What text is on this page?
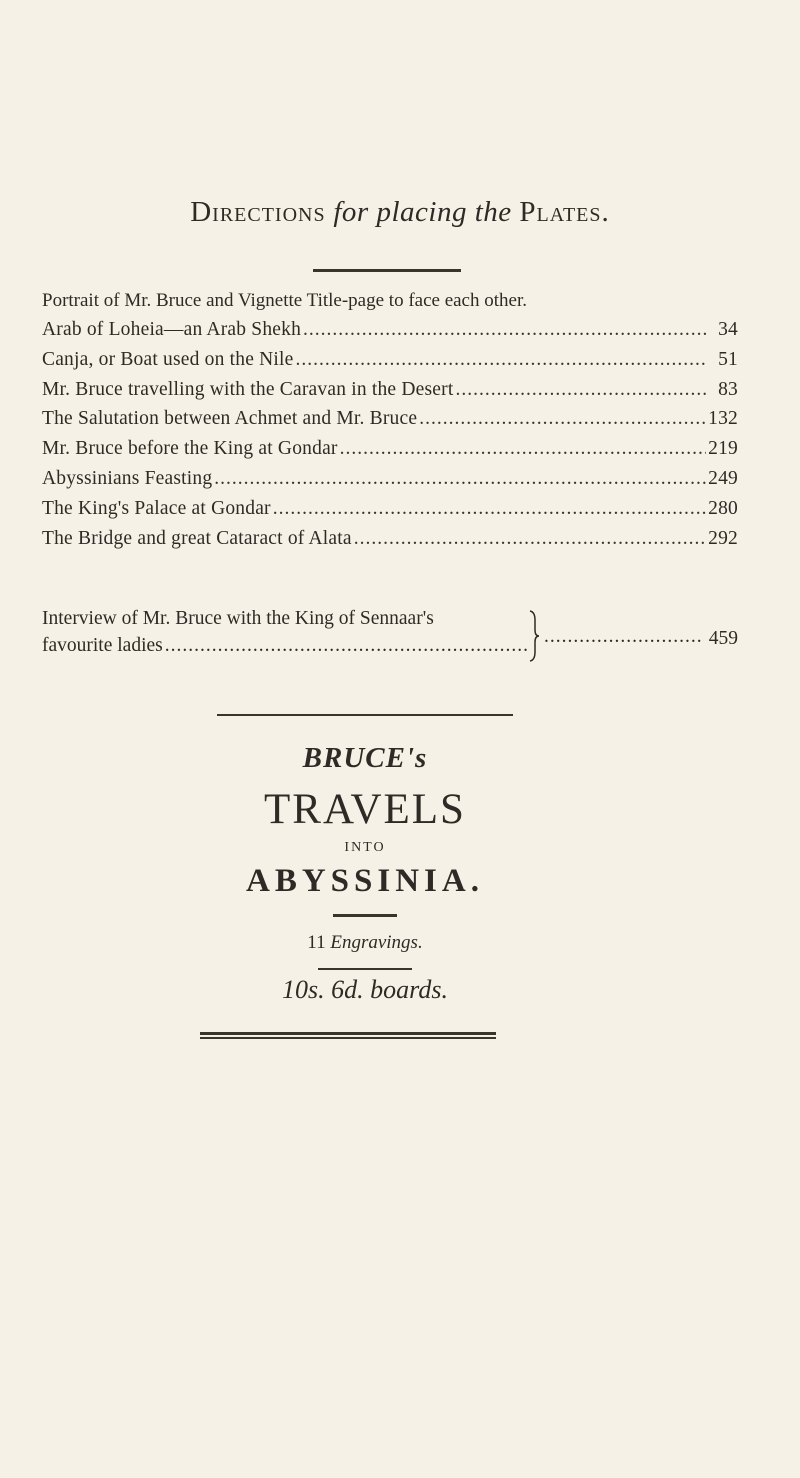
Directions for placing the Plates.
Portrait of Mr. Bruce and Vignette Title-page to face each other.
Arab of Loheia—an Arab Shekh .....	34
Canja, or Boat used on the Nile .....	51
Mr. Bruce travelling with the Caravan in the Desert .....	83
The Salutation between Achmet and Mr. Bruce .....	132
Mr. Bruce before the King at Gondar .....	219
Abyssinians Feasting .....	249
The King's Palace at Gondar .....	280
The Bridge and great Cataract of Alata .....	292
Interview of Mr. Bruce with the King of Sennaar's
favourite ladies ..... .....	459
BRUCE's
TRAVELS
INTO
ABYSSINIA.
11 Engravings.
10s. 6d. boards.
